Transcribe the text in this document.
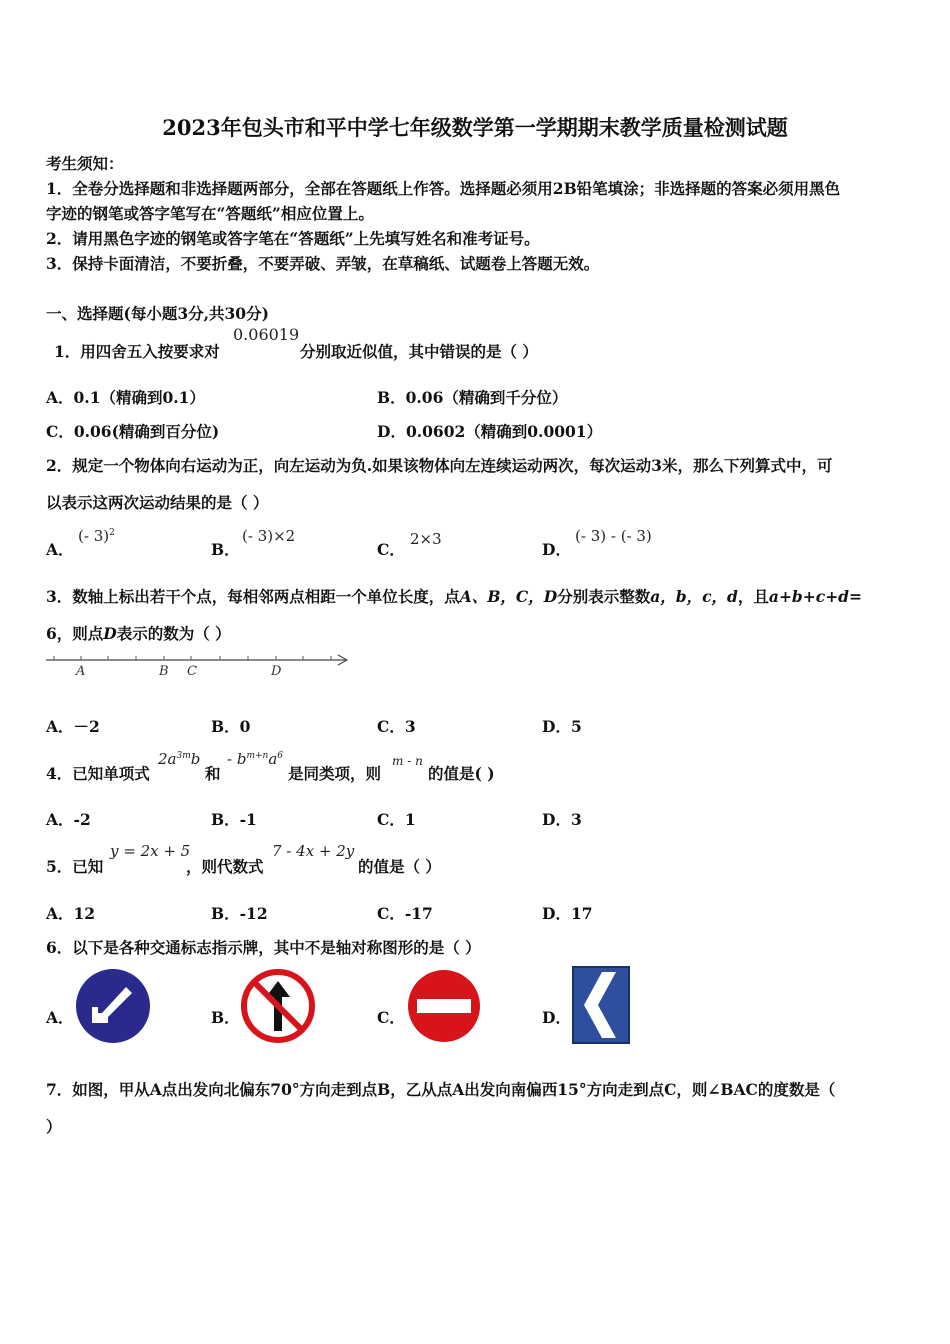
2023年包头市和平中学七年级数学第一学期期末教学质量检测试题
考生须知：
1．全卷分选择题和非选择题两部分，全部在答题纸上作答。选择题必须用2B铅笔填涂；非选择题的答案必须用黑色
字迹的钢笔或答字笔写在“答题纸”相应位置上。
2．请用黑色字迹的钢笔或答字笔在“答题纸”上先填写姓名和准考证号。
3．保持卡面清洁，不要折叠，不要弄破、弄皱，在草稿纸、试题卷上答题无效。
一、选择题(每小题3分,共30分)
1．用四舍五入按要求对
0.06019
分别取近似值，其中错误的是（ ）
A．0.1（精确到0.1）	B．0.06（精确到千分位）
C．0.06(精确到百分位)	D．0.0602（精确到0.0001）
2．规定一个物体向右运动为正，向左运动为负.如果该物体向左连续运动两次，每次运动3米，那么下列算式中，可
以表示这两次运动结果的是（ ）
A．
(- 3)$^2$
B．
(- 3)×2
C．
2×3
D．
(- 3) - (- 3)
3．数轴上标出若干个点，每相邻两点相距一个单位长度，点A、B，C，D分别表示整数a，b，c，d，且a+b+c+d=
6，则点D表示的数为（ ）
A	B C	D
A．－2	B．0	C．3	D．5
4．已知单项式
$2a^{3m}b$
和
- $b^{m+n}a^6$
是同类项，则
m - n
的值是( )
A．-2	B．-1	C．1	D．3
5．已知
y = 2x + 5
，则代数式
7 - 4x + 2y
的值是（ ）
A．12	B．-12	C．-17	D．17
6．以下是各种交通标志指示牌，其中不是轴对称图形的是（ ）
A．	B．	C．	D．
7．如图，甲从A点出发向北偏东70°方向走到点B，乙从点A出发向南偏西15°方向走到点C，则∠BAC的度数是（
）
